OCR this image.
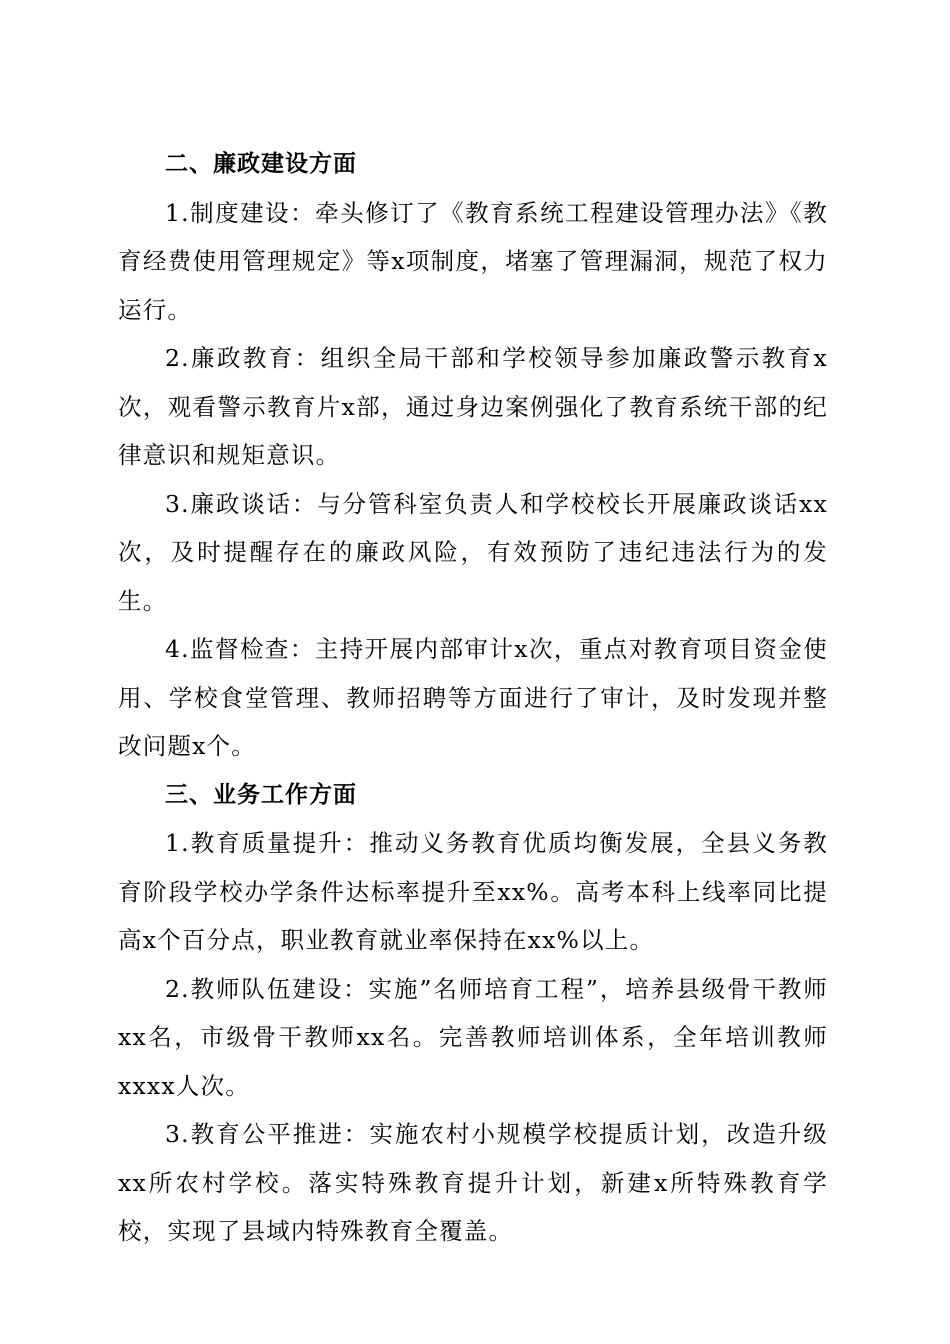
二、廉政建设方面

1.制度建设：牵头修订了《教育系统工程建设管理办法》《教育经费使用管理规定》等x项制度，堵塞了管理漏洞，规范了权力运行。

2.廉政教育：组织全局干部和学校领导参加廉政警示教育x次，观看警示教育片x部，通过身边案例强化了教育系统干部的纪律意识和规矩意识。

3.廉政谈话：与分管科室负责人和学校校长开展廉政谈话xx次，及时提醒存在的廉政风险，有效预防了违纪违法行为的发生。

4.监督检查：主持开展内部审计x次，重点对教育项目资金使用、学校食堂管理、教师招聘等方面进行了审计，及时发现并整改问题x个。

三、业务工作方面

1.教育质量提升：推动义务教育优质均衡发展，全县义务教育阶段学校办学条件达标率提升至xx%。高考本科上线率同比提高x个百分点，职业教育就业率保持在xx%以上。

2.教师队伍建设：实施”名师培育工程”，培养县级骨干教师xx名，市级骨干教师xx名。完善教师培训体系，全年培训教师xxxx人次。

3.教育公平推进：实施农村小规模学校提质计划，改造升级xx所农村学校。落实特殊教育提升计划，新建x所特殊教育学校，实现了县域内特殊教育全覆盖。
